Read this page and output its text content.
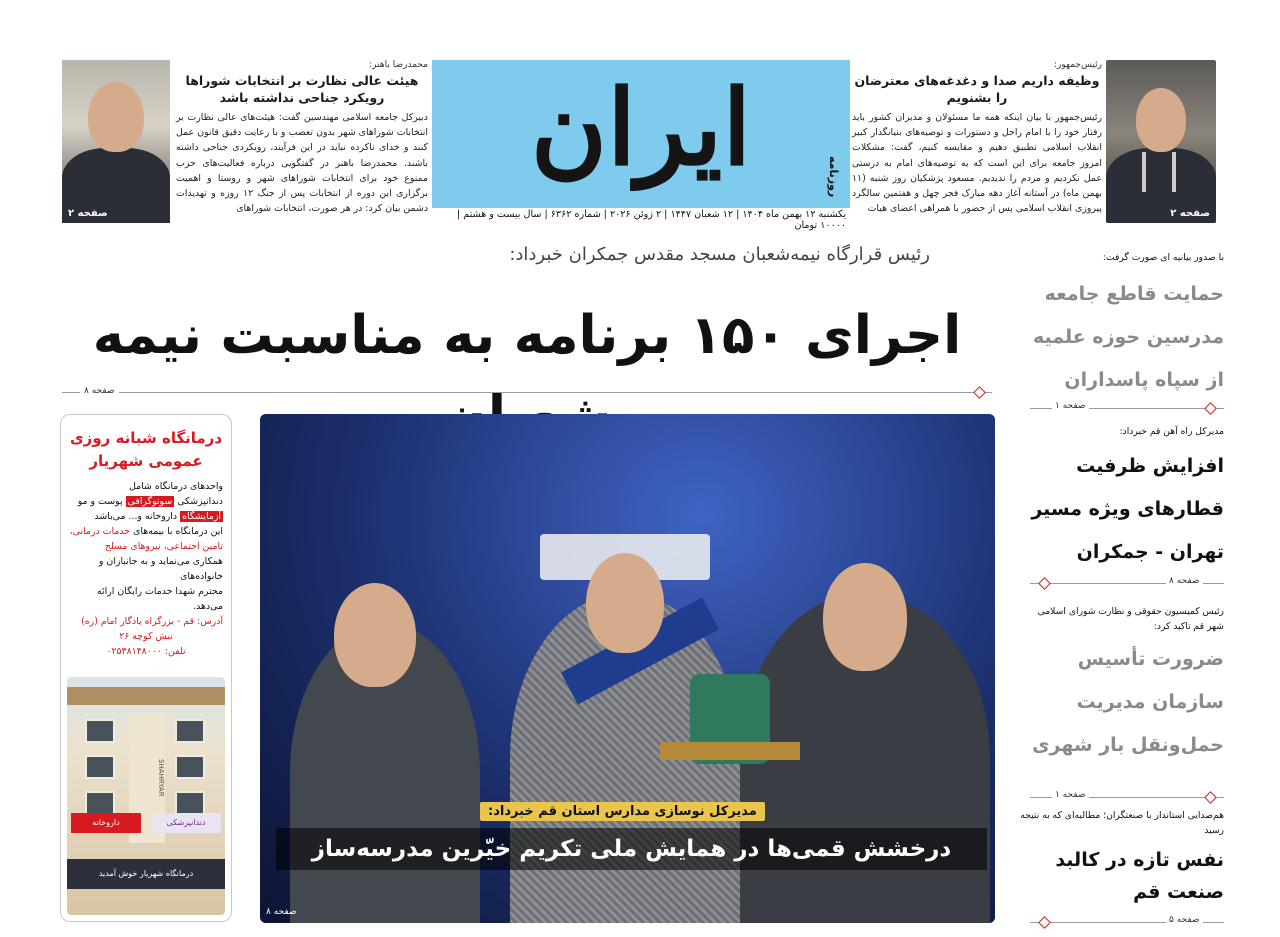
صفحه ۲
رئیس‌جمهور:
وظیفه داریم صدا و دغدغه‌های معترضان را بشنویم
رئیس‌جمهور با بیان اینکه همه ما مسئولان و مدیران کشور باید رفتار خود را با امام راحل و دستورات و توصیه‌های بنیانگذار کبیر انقلاب اسلامی تطبیق دهیم و مقایسه کنیم، گفت: مشکلات امروز جامعه برای این است که به توصیه‌های امام به درستی عمل نکردیم و مردم را ندیدیم. مسعود پزشکیان روز شنبه (۱۱ بهمن ماه) در آستانه آغاز دهه مبارک فجر چهل و هفتمین سالگرد پیروزی انقلاب اسلامی پس از حضور با همراهی اعضای هیات
ایران	روزنامه
یکشنبه ۱۲ بهمن ماه ۱۴۰۴ | ۱۲ شعبان ۱۴۴۷ | ۲ ژوئن ۲۰۲۶ | شماره ۶۳۶۲ | سال بیست و هشتم | ۱۰۰۰۰ تومان
محمدرضا باهنر:
هیئت عالی نظارت بر انتخابات شوراها رویکرد جناحی نداشته باشد
دبیرکل جامعه اسلامی مهندسین گفت: هیئت‌های عالی نظارت بر انتخابات شوراهای شهر بدون تعصب و با رعایت دقیق قانون عمل کنند و خدای ناکرده نباید در این فرآیند، رویکردی جناحی داشته باشند. محمدرضا باهنر در گفتگویی درباره فعالیت‌های حزب ممنوع خود برای انتخابات شوراهای شهر و روستا و اهمیت برگزاری این دوره از انتخابات پس از جنگ ۱۲ روزه و تهدیدات دشمن بیان کرد: در هر صورت، انتخابات شوراهای
صفحه ۲
رئیس قرارگاه نیمه‌شعبان مسجد مقدس جمکران خبرداد:
اجرای ۱۵۰ برنامه به مناسبت نیمه
صفحه ۸
درمانگاه شبانه روزی عمومی شهریار
واحدهای درمانگاه شامل
دندانپزشکی سونوگرافی پوست و مو
آزمایشگاه داروخانه و... می‌باشد
این درمانگاه با بیمه‌های خدمات درمانی،
تامین اجتماعی، نیروهای مسلح
همکاری می‌نماید و به جانبازان و خانواده‌های
محترم شهدا خدمات رایگان ارائه می‌دهد.
آدرس: قم - بزرگراه یادگار امام (ره)
نبش کوچه ۲۶
تلفن: ۰۲۵۳۸۱۴۸۰۰۰
SHAHRYAR
داروخانه	دندانپزشکی
درمانگاه شهریار خوش آمدید
مدیرکل نوسازی مدارس استان قم خبرداد:
درخشش قمی‌ها در همایش ملی تکریم خیّرین مدرسه‌ساز
صفحه ۸
با صدور بیانیه ای صورت گرفت:
حمایت قاطع جامعه
مدرسین حوزه علمیه
از سپاه پاسداران
صفحه ۱
مدیرکل راه آهن قم خبرداد:
افزایش ظرفیت
قطارهای ویژه مسیر
تهران - جمکران
صفحه ۸
رئیس کمیسیون حقوقی و نظارت شورای اسلامی شهر قم تاکید کرد:
ضرورت تأسیس
سازمان مدیریت
حمل‌ونقل بار شهری
صفحه ۱
هم‌صدایی استاندار با صنعتگران؛ مطالبه‌ای که به نتیجه رسید
نفس تازه در کالبد
صنعت قم
صفحه ۵
